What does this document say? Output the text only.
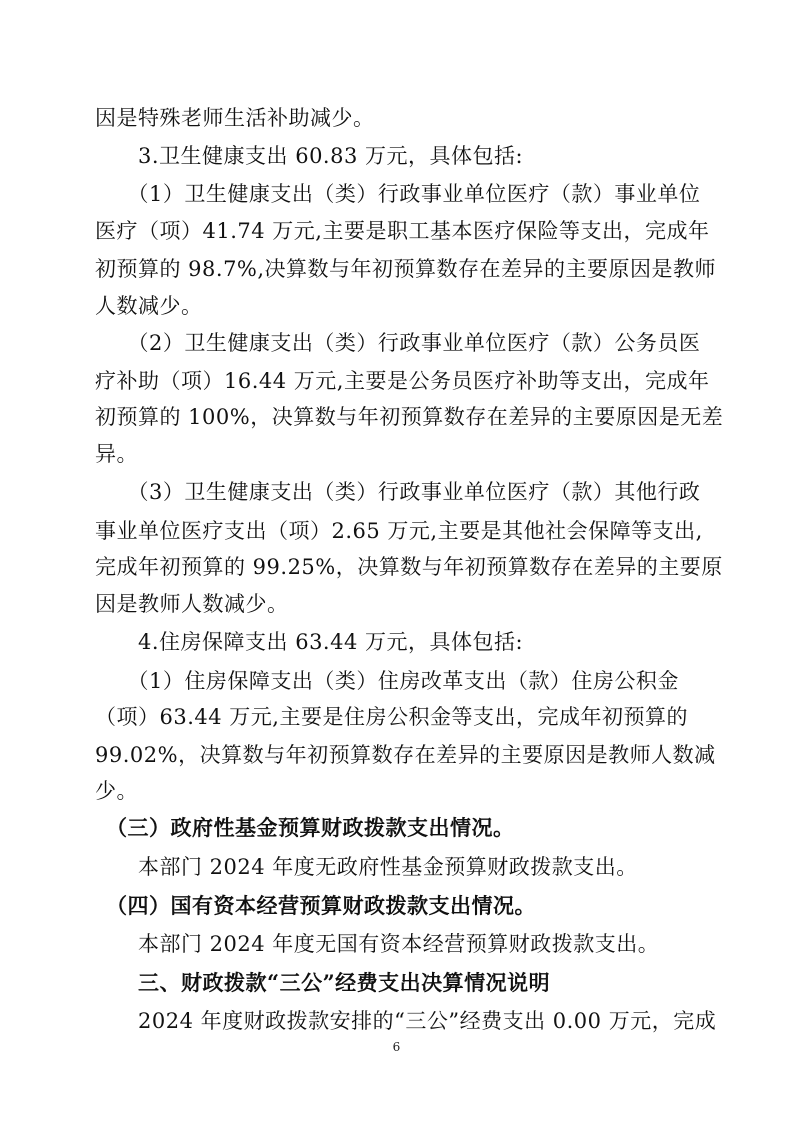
因是特殊老师生活补助减少。
　　3.卫生健康支出 60.83 万元，具体包括:
　　（1）卫生健康支出（类）行政事业单位医疗（款）事业单位
医疗（项）41.74 万元,主要是职工基本医疗保险等支出，完成年
初预算的 98.7%,决算数与年初预算数存在差异的主要原因是教师
人数减少。
　　（2）卫生健康支出（类）行政事业单位医疗（款）公务员医
疗补助（项）16.44 万元,主要是公务员医疗补助等支出，完成年
初预算的 100%，决算数与年初预算数存在差异的主要原因是无差
异。
　　（3）卫生健康支出（类）行政事业单位医疗（款）其他行政
事业单位医疗支出（项）2.65 万元,主要是其他社会保障等支出,
完成年初预算的 99.25%，决算数与年初预算数存在差异的主要原
因是教师人数减少。
　　4.住房保障支出 63.44 万元，具体包括:
　　（1）住房保障支出（类）住房改革支出（款）住房公积金
（项）63.44 万元,主要是住房公积金等支出，完成年初预算的
99.02%，决算数与年初预算数存在差异的主要原因是教师人数减
少。
　（三）政府性基金预算财政拨款支出情况。
　　本部门 2024 年度无政府性基金预算财政拨款支出。
　（四）国有资本经营预算财政拨款支出情况。
　　本部门 2024 年度无国有资本经营预算财政拨款支出。
　　三、财政拨款“三公”经费支出决算情况说明
　　2024 年度财政拨款安排的“三公”经费支出 0.00 万元，完成
6
